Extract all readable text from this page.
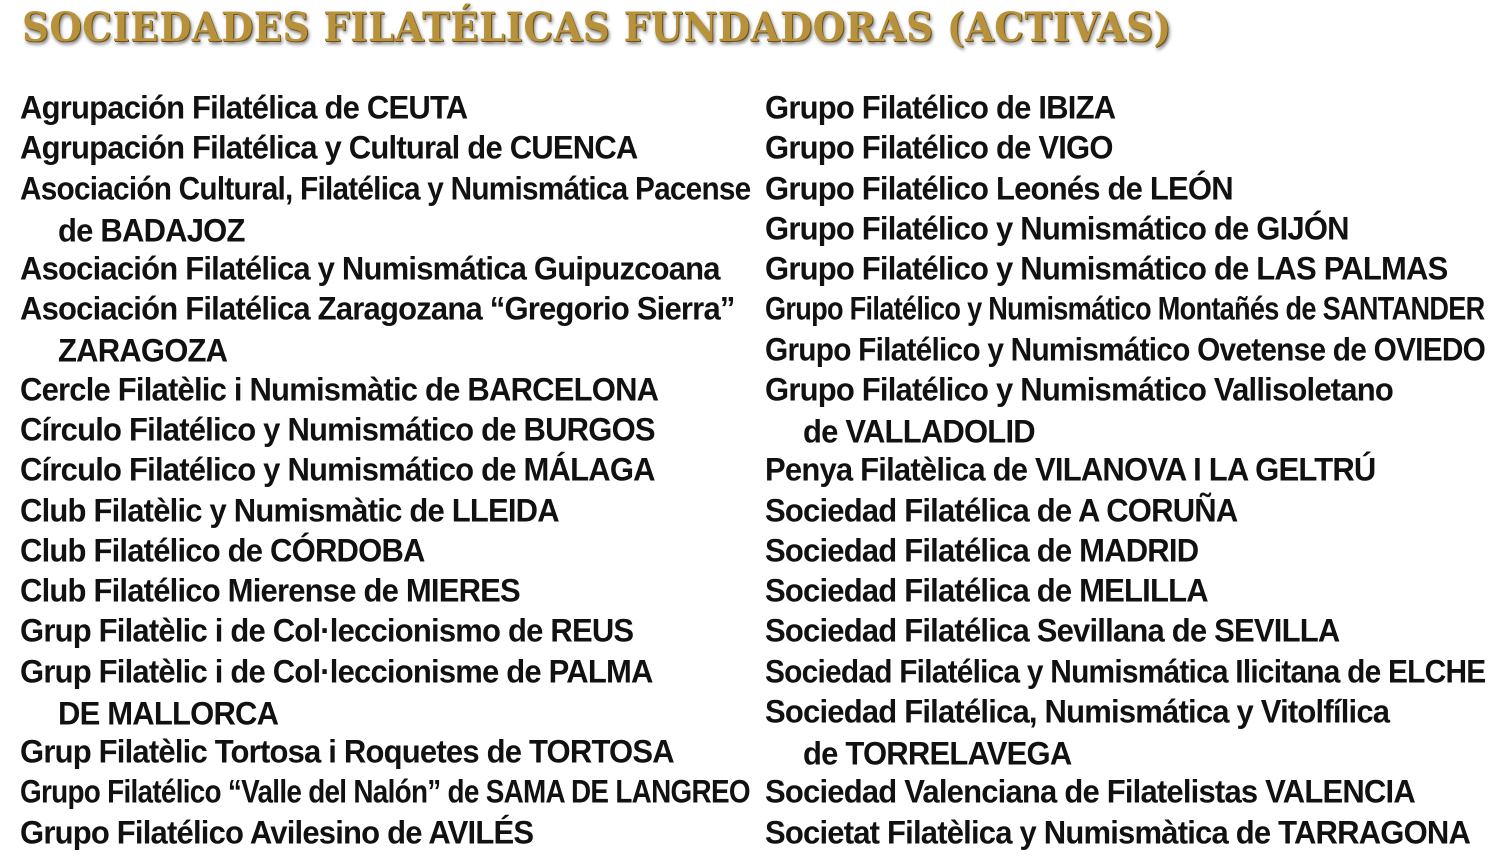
SOCIEDADES FILATÉLICAS FUNDADORAS (ACTIVAS)
Agrupación Filatélica de CEUTA
Agrupación Filatélica y Cultural de CUENCA
Asociación Cultural, Filatélica y Numismática Pacense
de BADAJOZ
Asociación Filatélica y Numismática Guipuzcoana
Asociación Filatélica Zaragozana “Gregorio Sierra”
ZARAGOZA
Cercle Filatèlic i Numismàtic de BARCELONA
Círculo Filatélico y Numismático de BURGOS
Círculo Filatélico y Numismático de MÁLAGA
Club Filatèlic y Numismàtic de LLEIDA
Club Filatélico de CÓRDOBA
Club Filatélico Mierense de MIERES
Grup Filatèlic i de Col·leccionismo de REUS
Grup Filatèlic i de Col·leccionisme de PALMA
DE MALLORCA
Grup Filatèlic Tortosa i Roquetes de TORTOSA
Grupo Filatélico “Valle del Nalón” de SAMA DE LANGREO
Grupo Filatélico Avilesino de AVILÉS
Grupo Filatélico de IBIZA
Grupo Filatélico de VIGO
Grupo Filatélico Leonés de LEÓN
Grupo Filatélico y Numismático de GIJÓN
Grupo Filatélico y Numismático de LAS PALMAS
Grupo Filatélico y Numismático Montañés de SANTANDER
Grupo Filatélico y Numismático Ovetense de OVIEDO
Grupo Filatélico y Numismático Vallisoletano
de VALLADOLID
Penya Filatèlica de VILANOVA I LA GELTRÚ
Sociedad Filatélica de A CORUÑA
Sociedad Filatélica de MADRID
Sociedad Filatélica de MELILLA
Sociedad Filatélica Sevillana de SEVILLA
Sociedad Filatélica y Numismática Ilicitana de ELCHE
Sociedad Filatélica, Numismática y Vitolfílica
de TORRELAVEGA
Sociedad Valenciana de Filatelistas VALENCIA
Societat Filatèlica y Numismàtica de TARRAGONA
